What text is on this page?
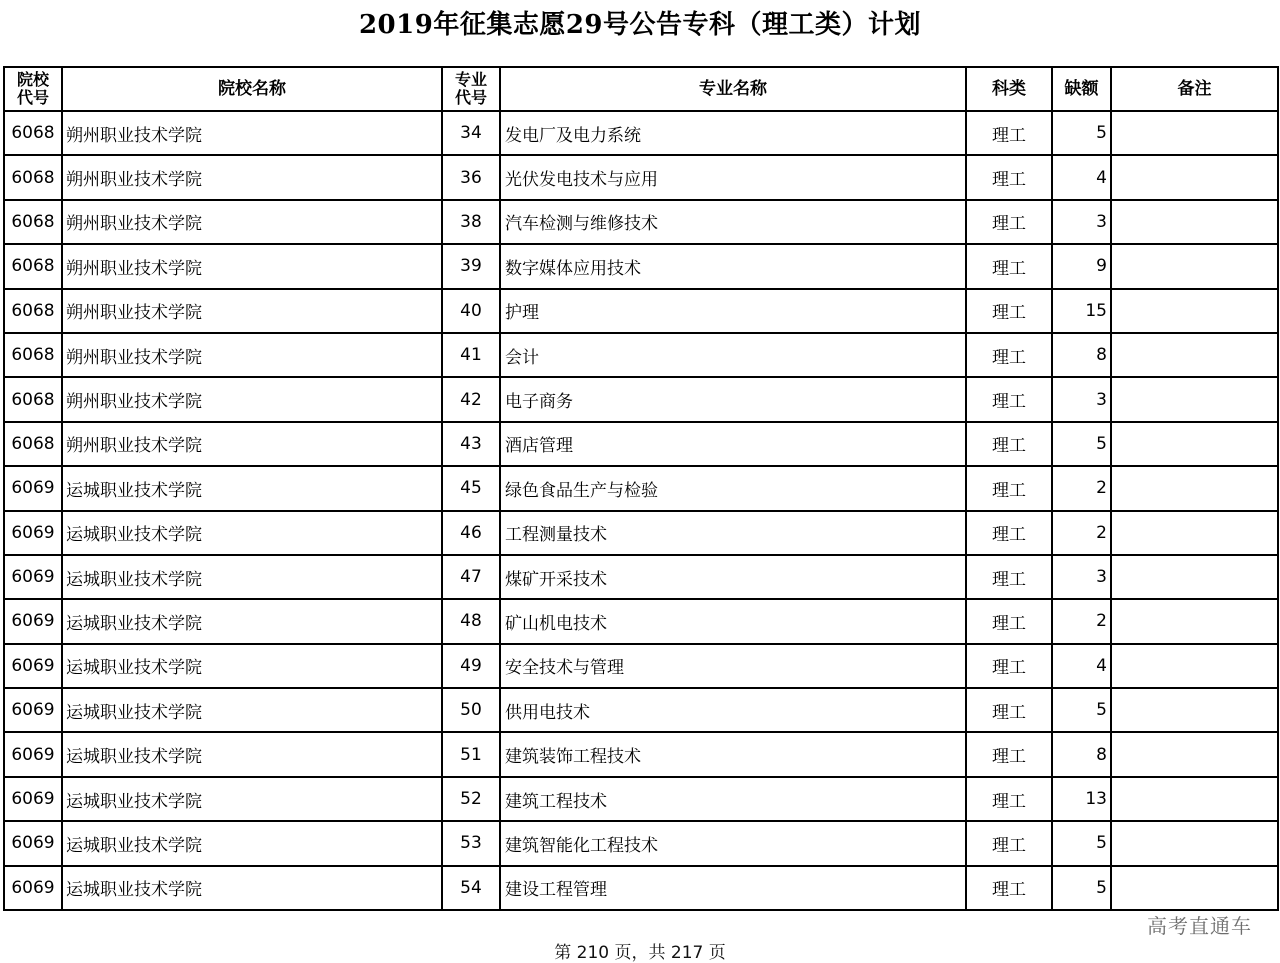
2019年征集志愿29号公告专科（理工类）计划
院校
代号	院校名称	专业
代号	专业名称	科类	缺额	备注
6068	朔州职业技术学院	34	发电厂及电力系统	理工	5	
6068	朔州职业技术学院	36	光伏发电技术与应用	理工	4	
6068	朔州职业技术学院	38	汽车检测与维修技术	理工	3	
6068	朔州职业技术学院	39	数字媒体应用技术	理工	9	
6068	朔州职业技术学院	40	护理	理工	15	
6068	朔州职业技术学院	41	会计	理工	8	
6068	朔州职业技术学院	42	电子商务	理工	3	
6068	朔州职业技术学院	43	酒店管理	理工	5	
6069	运城职业技术学院	45	绿色食品生产与检验	理工	2	
6069	运城职业技术学院	46	工程测量技术	理工	2	
6069	运城职业技术学院	47	煤矿开采技术	理工	3	
6069	运城职业技术学院	48	矿山机电技术	理工	2	
6069	运城职业技术学院	49	安全技术与管理	理工	4	
6069	运城职业技术学院	50	供用电技术	理工	5	
6069	运城职业技术学院	51	建筑装饰工程技术	理工	8	
6069	运城职业技术学院	52	建筑工程技术	理工	13	
6069	运城职业技术学院	53	建筑智能化工程技术	理工	5	
6069	运城职业技术学院	54	建设工程管理	理工	5	
高考直通车
第 210 页，共 217 页
